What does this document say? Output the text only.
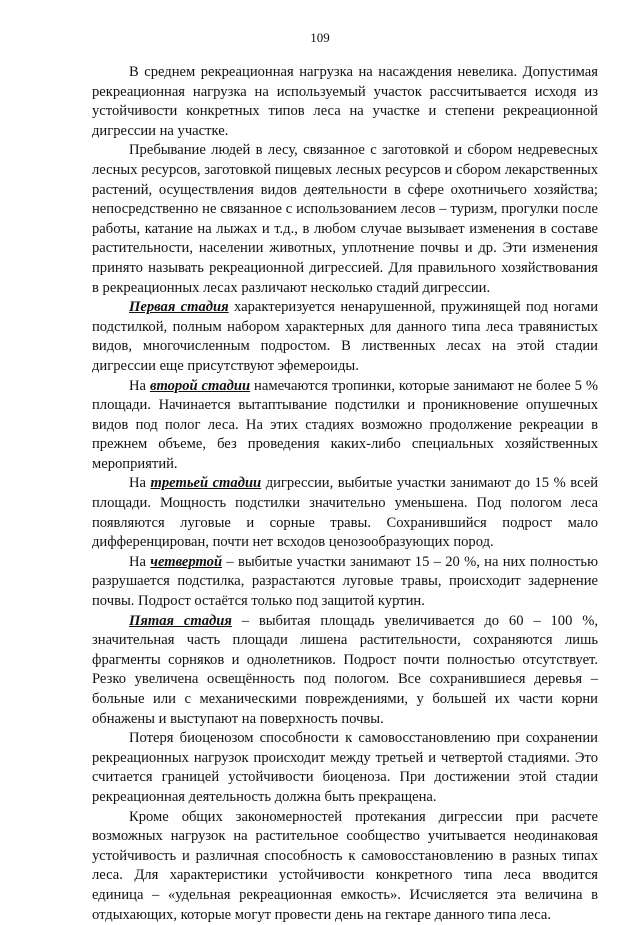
109

В среднем рекреационная нагрузка на насаждения невелика. Допустимая рекреационная нагрузка на используемый участок рассчитывается исходя из устойчивости конкретных типов леса на участке и степени рекреационной дигрессии на участке.

Пребывание людей в лесу, связанное с заготовкой и сбором недревесных лесных ресурсов, заготовкой пищевых лесных ресурсов и сбором лекарственных растений, осуществления видов деятельности в сфере охотничьего хозяйства; непосредственно не связанное с использованием лесов – туризм, прогулки после работы, катание на лыжах и т.д., в любом случае вызывает изменения в составе растительности, населении животных, уплотнение почвы и др. Эти изменения принято называть рекреационной дигрессией. Для правильного хозяйствования в рекреационных лесах различают несколько стадий дигрессии.

Первая стадия характеризуется ненарушенной, пружинящей под ногами подстилкой, полным набором характерных для данного типа леса травянистых видов, многочисленным подростом. В лиственных лесах на этой стадии дигрессии еще присутствуют эфемероиды.

На второй стадии намечаются тропинки, которые занимают не более 5 % площади. Начинается вытаптывание подстилки и проникновение опушечных видов под полог леса. На этих стадиях возможно продолжение рекреации в прежнем объеме, без проведения каких-либо специальных хозяйственных мероприятий.

На третьей стадии дигрессии, выбитые участки занимают до 15 % всей площади. Мощность подстилки значительно уменьшена. Под пологом леса появляются луговые и сорные травы. Сохранившийся подрост мало дифференцирован, почти нет всходов ценозообразующих пород.

На четвертой – выбитые участки занимают 15 – 20 %, на них полностью разрушается подстилка, разрастаются луговые травы, происходит задернение почвы. Подрост остаётся только под защитой куртин.

Пятая стадия – выбитая площадь увеличивается до 60 – 100 %, значительная часть площади лишена растительности, сохраняются лишь фрагменты сорняков и однолетников. Подрост почти полностью отсутствует. Резко увеличена освещённость под пологом. Все сохранившиеся деревья – больные или с механическими повреждениями, у большей их части корни обнажены и выступают на поверхность почвы.

Потеря биоценозом способности к самовосстановлению при сохранении рекреационных нагрузок происходит между третьей и четвертой стадиями. Это считается границей устойчивости биоценоза. При достижении этой стадии рекреационная деятельность должна быть прекращена.

Кроме общих закономерностей протекания дигрессии при расчете возможных нагрузок на растительное сообщество учитывается неодинаковая устойчивость и различная способность к самовосстановлению в разных типах леса. Для характеристики устойчивости конкретного типа леса вводится единица – «удельная рекреационная емкость». Исчисляется эта величина в отдыхающих, которые могут провести день на гектаре данного типа леса.
